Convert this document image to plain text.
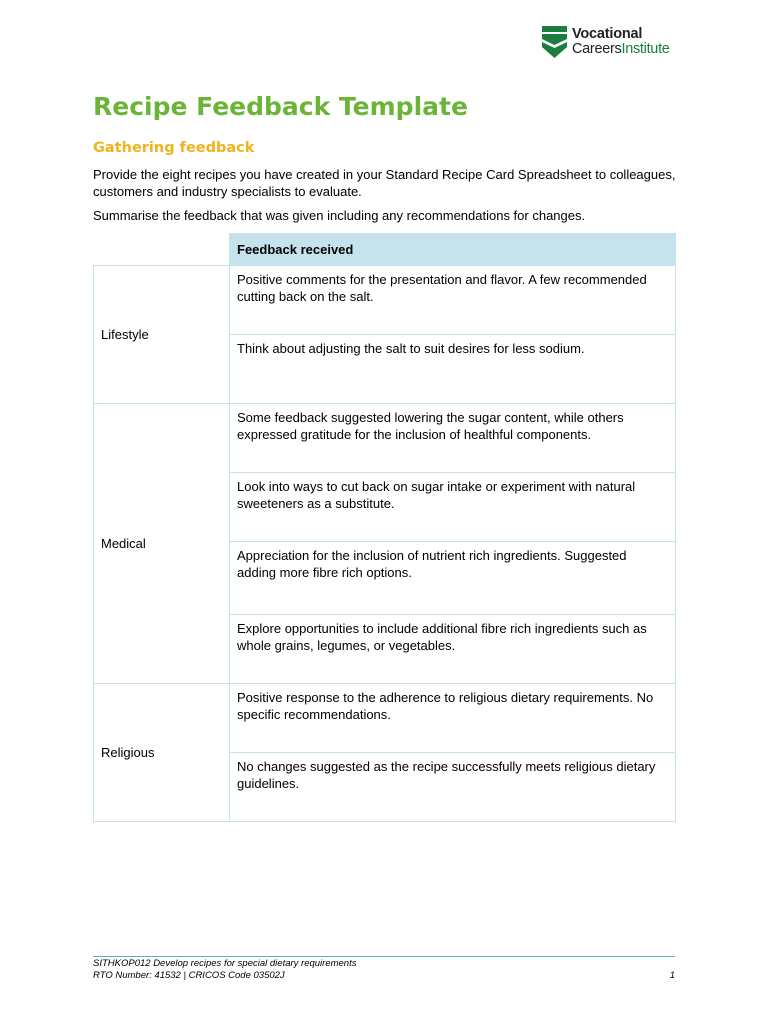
Vocational
CareersInstitute
Recipe Feedback Template
Gathering feedback

Provide the eight recipes you have created in your Standard Recipe Card Spreadsheet to colleagues, customers and industry specialists to evaluate.

Summarise the feedback that was given including any recommendations for changes.

	Feedback received
Lifestyle	Positive comments for the presentation and flavor. A few recommended cutting back on the salt.
	Think about adjusting the salt to suit desires for less sodium.
Medical	Some feedback suggested lowering the sugar content, while others expressed gratitude for the inclusion of healthful components.
	Look into ways to cut back on sugar intake or experiment with natural sweeteners as a substitute.
	Appreciation for the inclusion of nutrient rich ingredients. Suggested adding more fibre rich options.
	Explore opportunities to include additional fibre rich ingredients such as whole grains, legumes, or vegetables.
Religious	Positive response to the adherence to religious dietary requirements. No specific recommendations.
	No changes suggested as the recipe successfully meets religious dietary guidelines.
SITHKOP012 Develop recipes for special dietary requirements
RTO Number: 41532 | CRICOS Code 03502J	1
